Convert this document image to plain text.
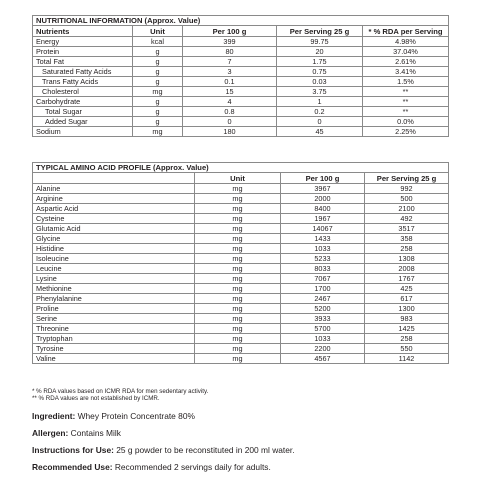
NUTRITIONAL INFORMATION (Approx. Value)				
Nutrients	Unit	Per 100 g	Per Serving 25 g	* % RDA per Serving
Energy	kcal	399	99.75	4.98%
Protein	g	80	20	37.04%
Total Fat	g	7	1.75	2.61%
Saturated Fatty Acids	g	3	0.75	3.41%
Trans Fatty Acids	g	0.1	0.03	1.5%
Cholesterol	mg	15	3.75	**
Carbohydrate	g	4	1	**
Total Sugar	g	0.8	0.2	**
Added Sugar	g	0	0	0.0%
Sodium	mg	180	45	2.25%
TYPICAL AMINO ACID PROFILE (Approx. Value)			
	Unit	Per 100 g	Per Serving 25 g
Alanine	mg	3967	992
Arginine	mg	2000	500
Aspartic Acid	mg	8400	2100
Cysteine	mg	1967	492
Glutamic Acid	mg	14067	3517
Glycine	mg	1433	358
Histidine	mg	1033	258
Isoleucine	mg	5233	1308
Leucine	mg	8033	2008
Lysine	mg	7067	1767
Methionine	mg	1700	425
Phenylalanine	mg	2467	617
Proline	mg	5200	1300
Serine	mg	3933	983
Threonine	mg	5700	1425
Tryptophan	mg	1033	258
Tyrosine	mg	2200	550
Valine	mg	4567	1142
* % RDA values based on ICMR RDA for men sedentary activity.
** % RDA values are not established by ICMR.
Ingredient: Whey Protein Concentrate 80%
Allergen: Contains Milk
Instructions for Use: 25 g powder to be reconstituted in 200 ml water.
Recommended Use: Recommended 2 servings daily for adults.
